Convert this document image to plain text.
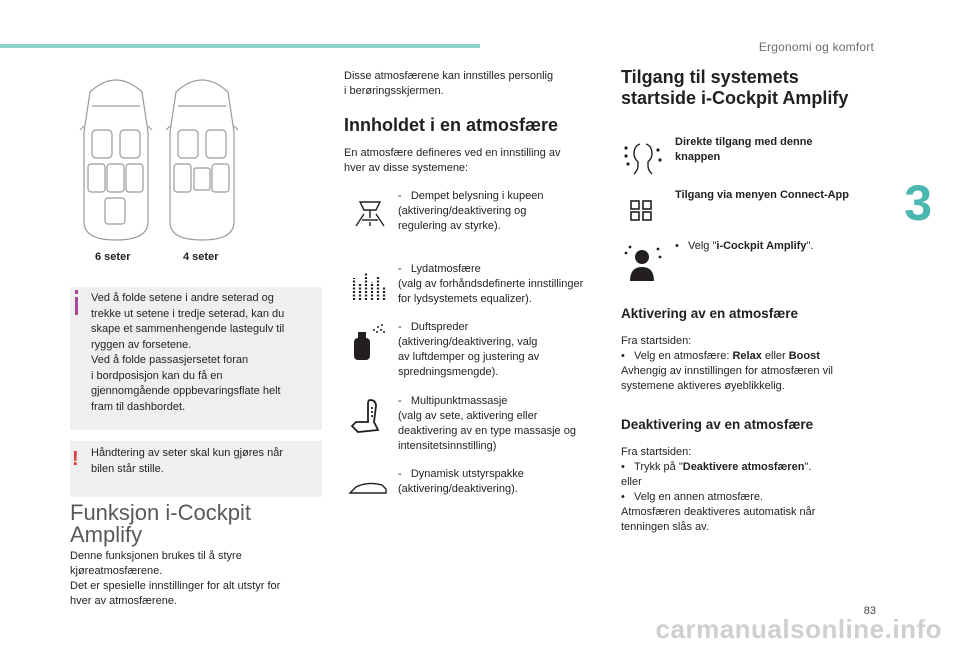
Ergonomi og komfort
3
83
carmanualsonline.info
6 seter	4 seter
Ved å folde setene i andre seterad og
trekke ut setene i tredje seterad, kan du
skape et sammenhengende lastegulv til
ryggen av forsetene.
Ved å folde passasjersetet foran
i bordposisjon kan du få en
gjennomgående oppbevaringsflate helt
fram til dashbordet.
! Håndtering av seter skal kun gjøres når
bilen står stille.
Funksjon i-Cockpit
Amplify
Denne funksjonen brukes til å styre
kjøreatmosfærene.
Det er spesielle innstillinger for alt utstyr for
hver av atmosfærene.
Disse atmosfærene kan innstilles personlig
i berøringsskjermen.
Innholdet i en atmosfære
En atmosfære defineres ved en innstilling av
hver av disse systemene:
-   Dempet belysning i kupeen
(aktivering/deaktivering og
regulering av styrke).
-   Lydatmosfære
(valg av forhåndsdefinerte innstillinger
for lydsystemets equalizer).
-   Duftspreder
(aktivering/deaktivering, valg
av luftdemper og justering av
spredningsmengde).
-   Multipunktmassasje
(valg av sete, aktivering eller
deaktivering av en type massasje og
intensitetsinnstilling)
-   Dynamisk utstyrspakke
(aktivering/deaktivering).
Tilgang til systemets
startside i-Cockpit Amplify
Direkte tilgang med denne
knappen
Tilgang via menyen Connect-App
•   Velg "i-Cockpit Amplify".
Aktivering av en atmosfære
Fra startsiden:
•   Velg en atmosfære: Relax eller Boost
Avhengig av innstillingen for atmosfæren vil
systemene aktiveres øyeblikkelig.
Deaktivering av en atmosfære
Fra startsiden:
•   Trykk på "Deaktivere atmosfæren".
eller
•   Velg en annen atmosfære.
Atmosfæren deaktiveres automatisk når
tenningen slås av.
